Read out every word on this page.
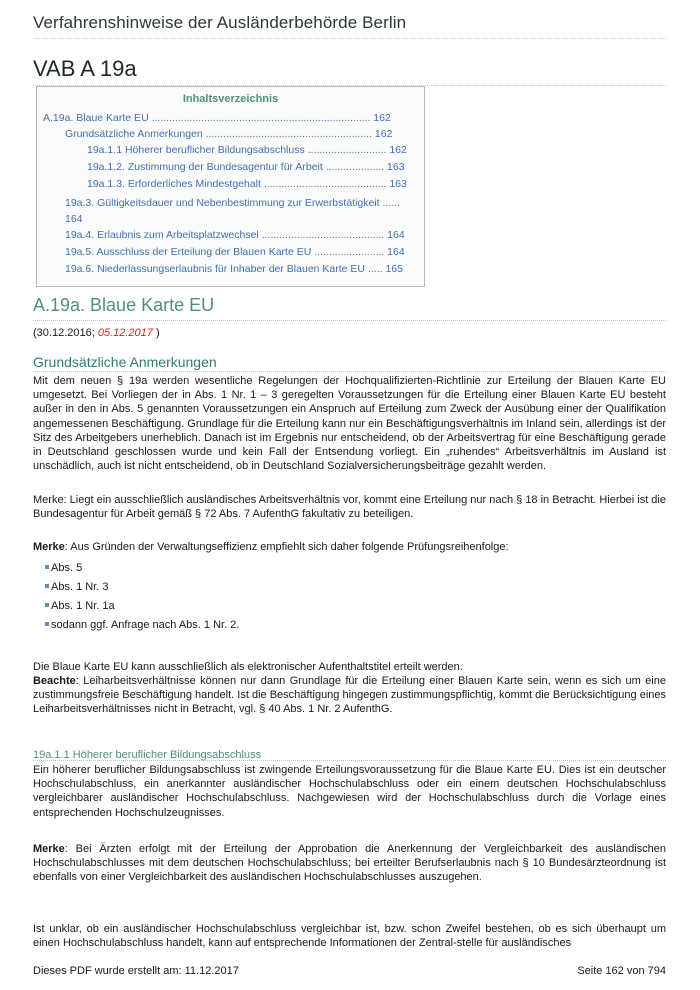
Verfahrenshinweise der Ausländerbehörde Berlin
VAB A 19a
Inhaltsverzeichnis
A.19a. Blaue Karte EU ........................................................................... 162
Grundsätzliche Anmerkungen ......................................................... 162
19a.1.1 Höherer beruflicher Bildungsabschluss ........................... 162
19a.1.2. Zustimmung der Bundesagentur für Arbeit .................... 163
19a.1.3. Erforderliches Mindestgehalt .......................................... 163
19a.3. Gültigkeitsdauer und Nebenbestimmung zur Erwerbstätigkeit ...... 164
19a.4. Erlaubnis zum Arbeitsplatzwechsel .......................................... 164
19a.5. Ausschluss der Erteilung der Blauen Karte EU ........................ 164
19a.6. Niederlassungserlaubnis für Inhaber der Blauen Karte EU ..... 165
A.19a. Blaue Karte EU
(30.12.2016; 05.12.2017 )
Grundsätzliche Anmerkungen
Mit dem neuen § 19a werden wesentliche Regelungen der Hochqualifizierten-Richtlinie zur Erteilung der Blauen Karte EU umgesetzt. Bei Vorliegen der in Abs. 1 Nr. 1 – 3 geregelten Voraussetzungen für die Erteilung einer Blauen Karte EU besteht außer in den in Abs. 5 genannten Voraussetzungen ein Anspruch auf Erteilung zum Zweck der Ausübung einer der Qualifikation angemessenen Beschäftigung. Grundlage für die Erteilung kann nur ein Beschäftigungsverhältnis im Inland sein, allerdings ist der Sitz des Arbeitgebers unerheblich. Danach ist im Ergebnis nur entscheidend, ob der Arbeitsvertrag für eine Beschäftigung gerade in Deutschland geschlossen wurde und kein Fall der Entsendung vorliegt. Ein „ruhendes“ Arbeitsverhältnis im Ausland ist unschädlich, auch ist nicht entscheidend, ob in Deutschland Sozialversicherungsbeiträge gezahlt werden.
Merke: Liegt ein ausschließlich ausländisches Arbeitsverhältnis vor, kommt eine Erteilung nur nach § 18 in Betracht. Hierbei ist die Bundesagentur für Arbeit gemäß § 72 Abs. 7 AufenthG fakultativ zu beteiligen.
Merke: Aus Gründen der Verwaltungseffizienz empfiehlt sich daher folgende Prüfungsreihenfolge:
Abs. 5
Abs. 1 Nr. 3
Abs. 1 Nr. 1a
sodann ggf. Anfrage nach Abs. 1 Nr. 2.
Die Blaue Karte EU kann ausschließlich als elektronischer Aufenthaltstitel erteilt werden.
Beachte: Leiharbeitsverhältnisse können nur dann Grundlage für die Erteilung einer Blauen Karte sein, wenn es sich um eine zustimmungsfreie Beschäftigung handelt. Ist die Beschäftigung hingegen zustimmungspflichtig, kommt die Berücksichtigung eines Leiharbeitsverhältnisses nicht in Betracht, vgl. § 40 Abs. 1 Nr. 2 AufenthG.
19a.1.1 Höherer beruflicher Bildungsabschluss
Ein höherer beruflicher Bildungsabschluss ist zwingende Erteilungsvoraussetzung für die Blaue Karte EU. Dies ist ein deutscher Hochschulabschluss, ein anerkannter ausländischer Hochschulabschluss oder ein einem deutschen Hochschulabschluss vergleichbarer ausländischer Hochschulabschluss. Nachgewiesen wird der Hochschulabschluss durch die Vorlage eines entsprechenden Hochschulzeugnisses.
Merke: Bei Ärzten erfolgt mit der Erteilung der Approbation die Anerkennung der Vergleichbarkeit des ausländischen Hochschulabschlusses mit dem deutschen Hochschulabschluss; bei erteilter Berufserlaubnis nach § 10 Bundesärzteordnung ist ebenfalls von einer Vergleichbarkeit des ausländischen Hochschulabschlusses auszugehen.
Ist unklar, ob ein ausländischer Hochschulabschluss vergleichbar ist, bzw. schon Zweifel bestehen, ob es sich überhaupt um einen Hochschulabschluss handelt, kann auf entsprechende Informationen der Zentral-stelle für ausländisches
Dieses PDF wurde erstellt am: 11.12.2017	Seite 162 von 794
